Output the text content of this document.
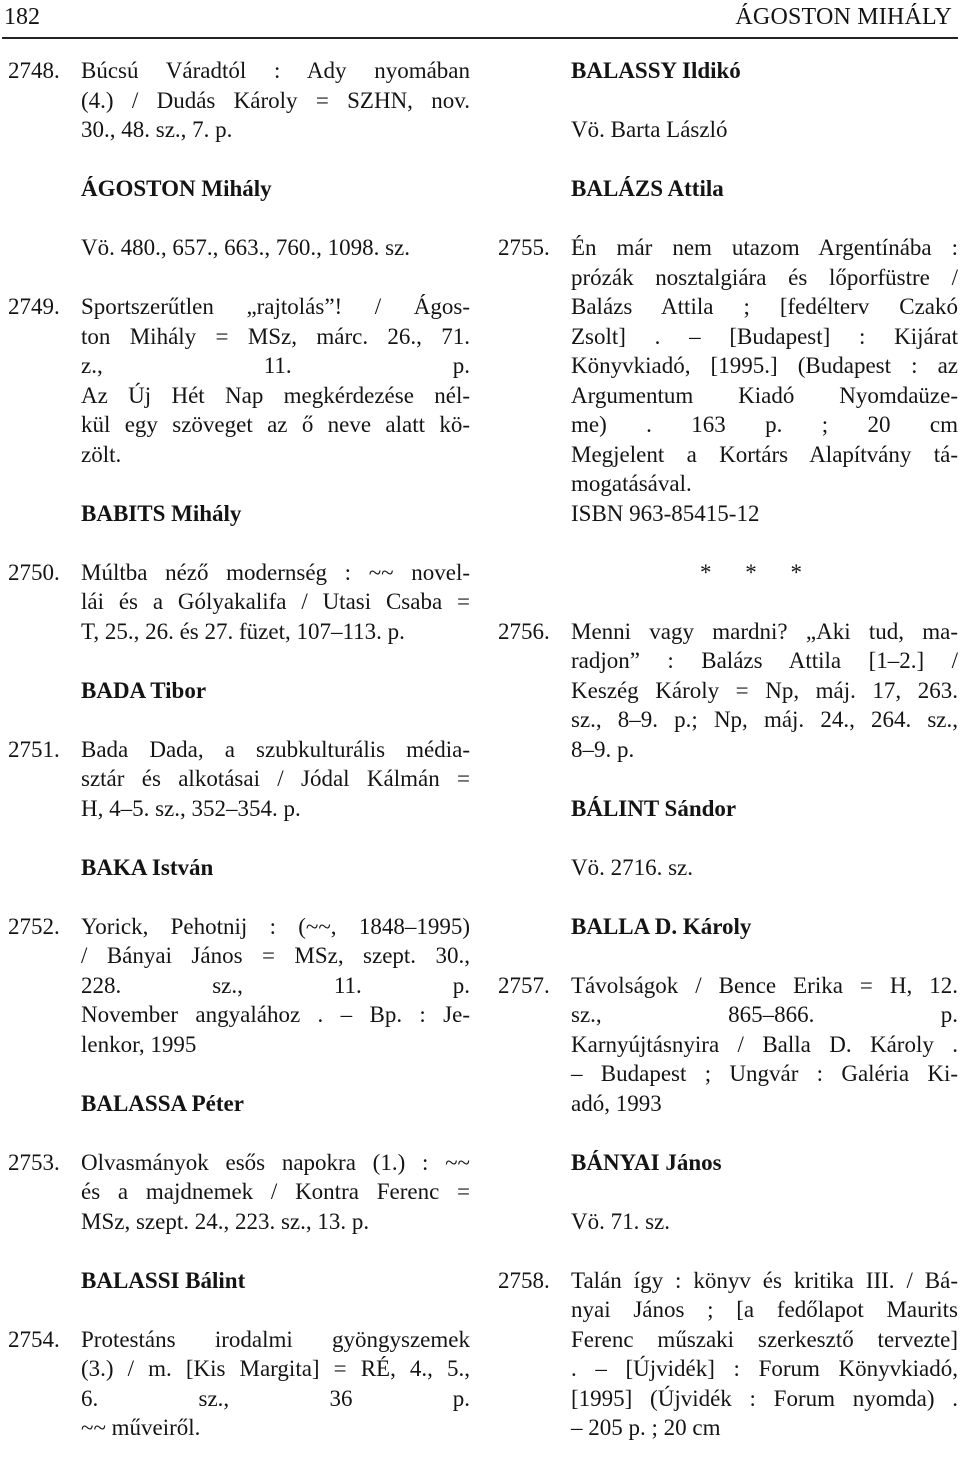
182	ÁGOSTON MIHÁLY
2748. Búcsú Váradtól : Ady nyomában
(4.) / Dudás Károly = SZHN, nov.
30., 48. sz., 7. p.
ÁGOSTON Mihály
Vö. 480., 657., 663., 760., 1098. sz.
2749. Sportszerűtlen „rajtolás”! / Ágos-
ton Mihály = MSz, márc. 26., 71.
z., 11. p.
Az Új Hét Nap megkérdezése nél-
kül egy szöveget az ő neve alatt kö-
zölt.
BABITS Mihály
2750. Múltba néző modernség : ~~ novel-
lái és a Gólyakalifa / Utasi Csaba =
T, 25., 26. és 27. füzet, 107–113. p.
BADA Tibor
2751. Bada Dada, a szubkulturális média-
sztár és alkotásai / Jódal Kálmán =
H, 4–5. sz., 352–354. p.
BAKA István
2752. Yorick, Pehotnij : (~~, 1848–1995)
/ Bányai János = MSz, szept. 30.,
228. sz., 11. p.
November angyalához . – Bp. : Je-
lenkor, 1995
BALASSA Péter
2753. Olvasmányok esős napokra (1.) : ~~
és a majdnemek / Kontra Ferenc =
MSz, szept. 24., 223. sz., 13. p.
BALASSI Bálint
2754. Protestáns irodalmi gyöngyszemek
(3.) / m. [Kis Margita] = RÉ, 4., 5.,
6. sz., 36 p.
~~ műveiről.
BALASSY Ildikó
Vö. Barta László
BALÁZS Attila
2755. Én már nem utazom Argentínába :
prózák nosztalgiára és lőporfüstre /
Balázs Attila ; [fedélterv Czakó
Zsolt] . – [Budapest] : Kijárat
Könyvkiadó, [1995.] (Budapest : az
Argumentum Kiadó Nyomdaüze-
me) . 163 p. ; 20 cm
Megjelent a Kortárs Alapítvány tá-
mogatásával.
ISBN 963-85415-12
* * *
2756. Menni vagy mardni? „Aki tud, ma-
radjon” : Balázs Attila [1–2.] /
Keszég Károly = Np, máj. 17, 263.
sz., 8–9. p.; Np, máj. 24., 264. sz.,
8–9. p.
BÁLINT Sándor
Vö. 2716. sz.
BALLA D. Károly
2757. Távolságok / Bence Erika = H, 12.
sz., 865–866. p.
Karnyújtásnyira / Balla D. Károly .
– Budapest ; Ungvár : Galéria Ki-
adó, 1993
BÁNYAI János
Vö. 71. sz.
2758. Talán így : könyv és kritika III. / Bá-
nyai János ; [a fedőlapot Maurits
Ferenc műszaki szerkesztő tervezte]
. – [Újvidék] : Forum Könyvkiadó,
[1995] (Újvidék : Forum nyomda) .
– 205 p. ; 20 cm
